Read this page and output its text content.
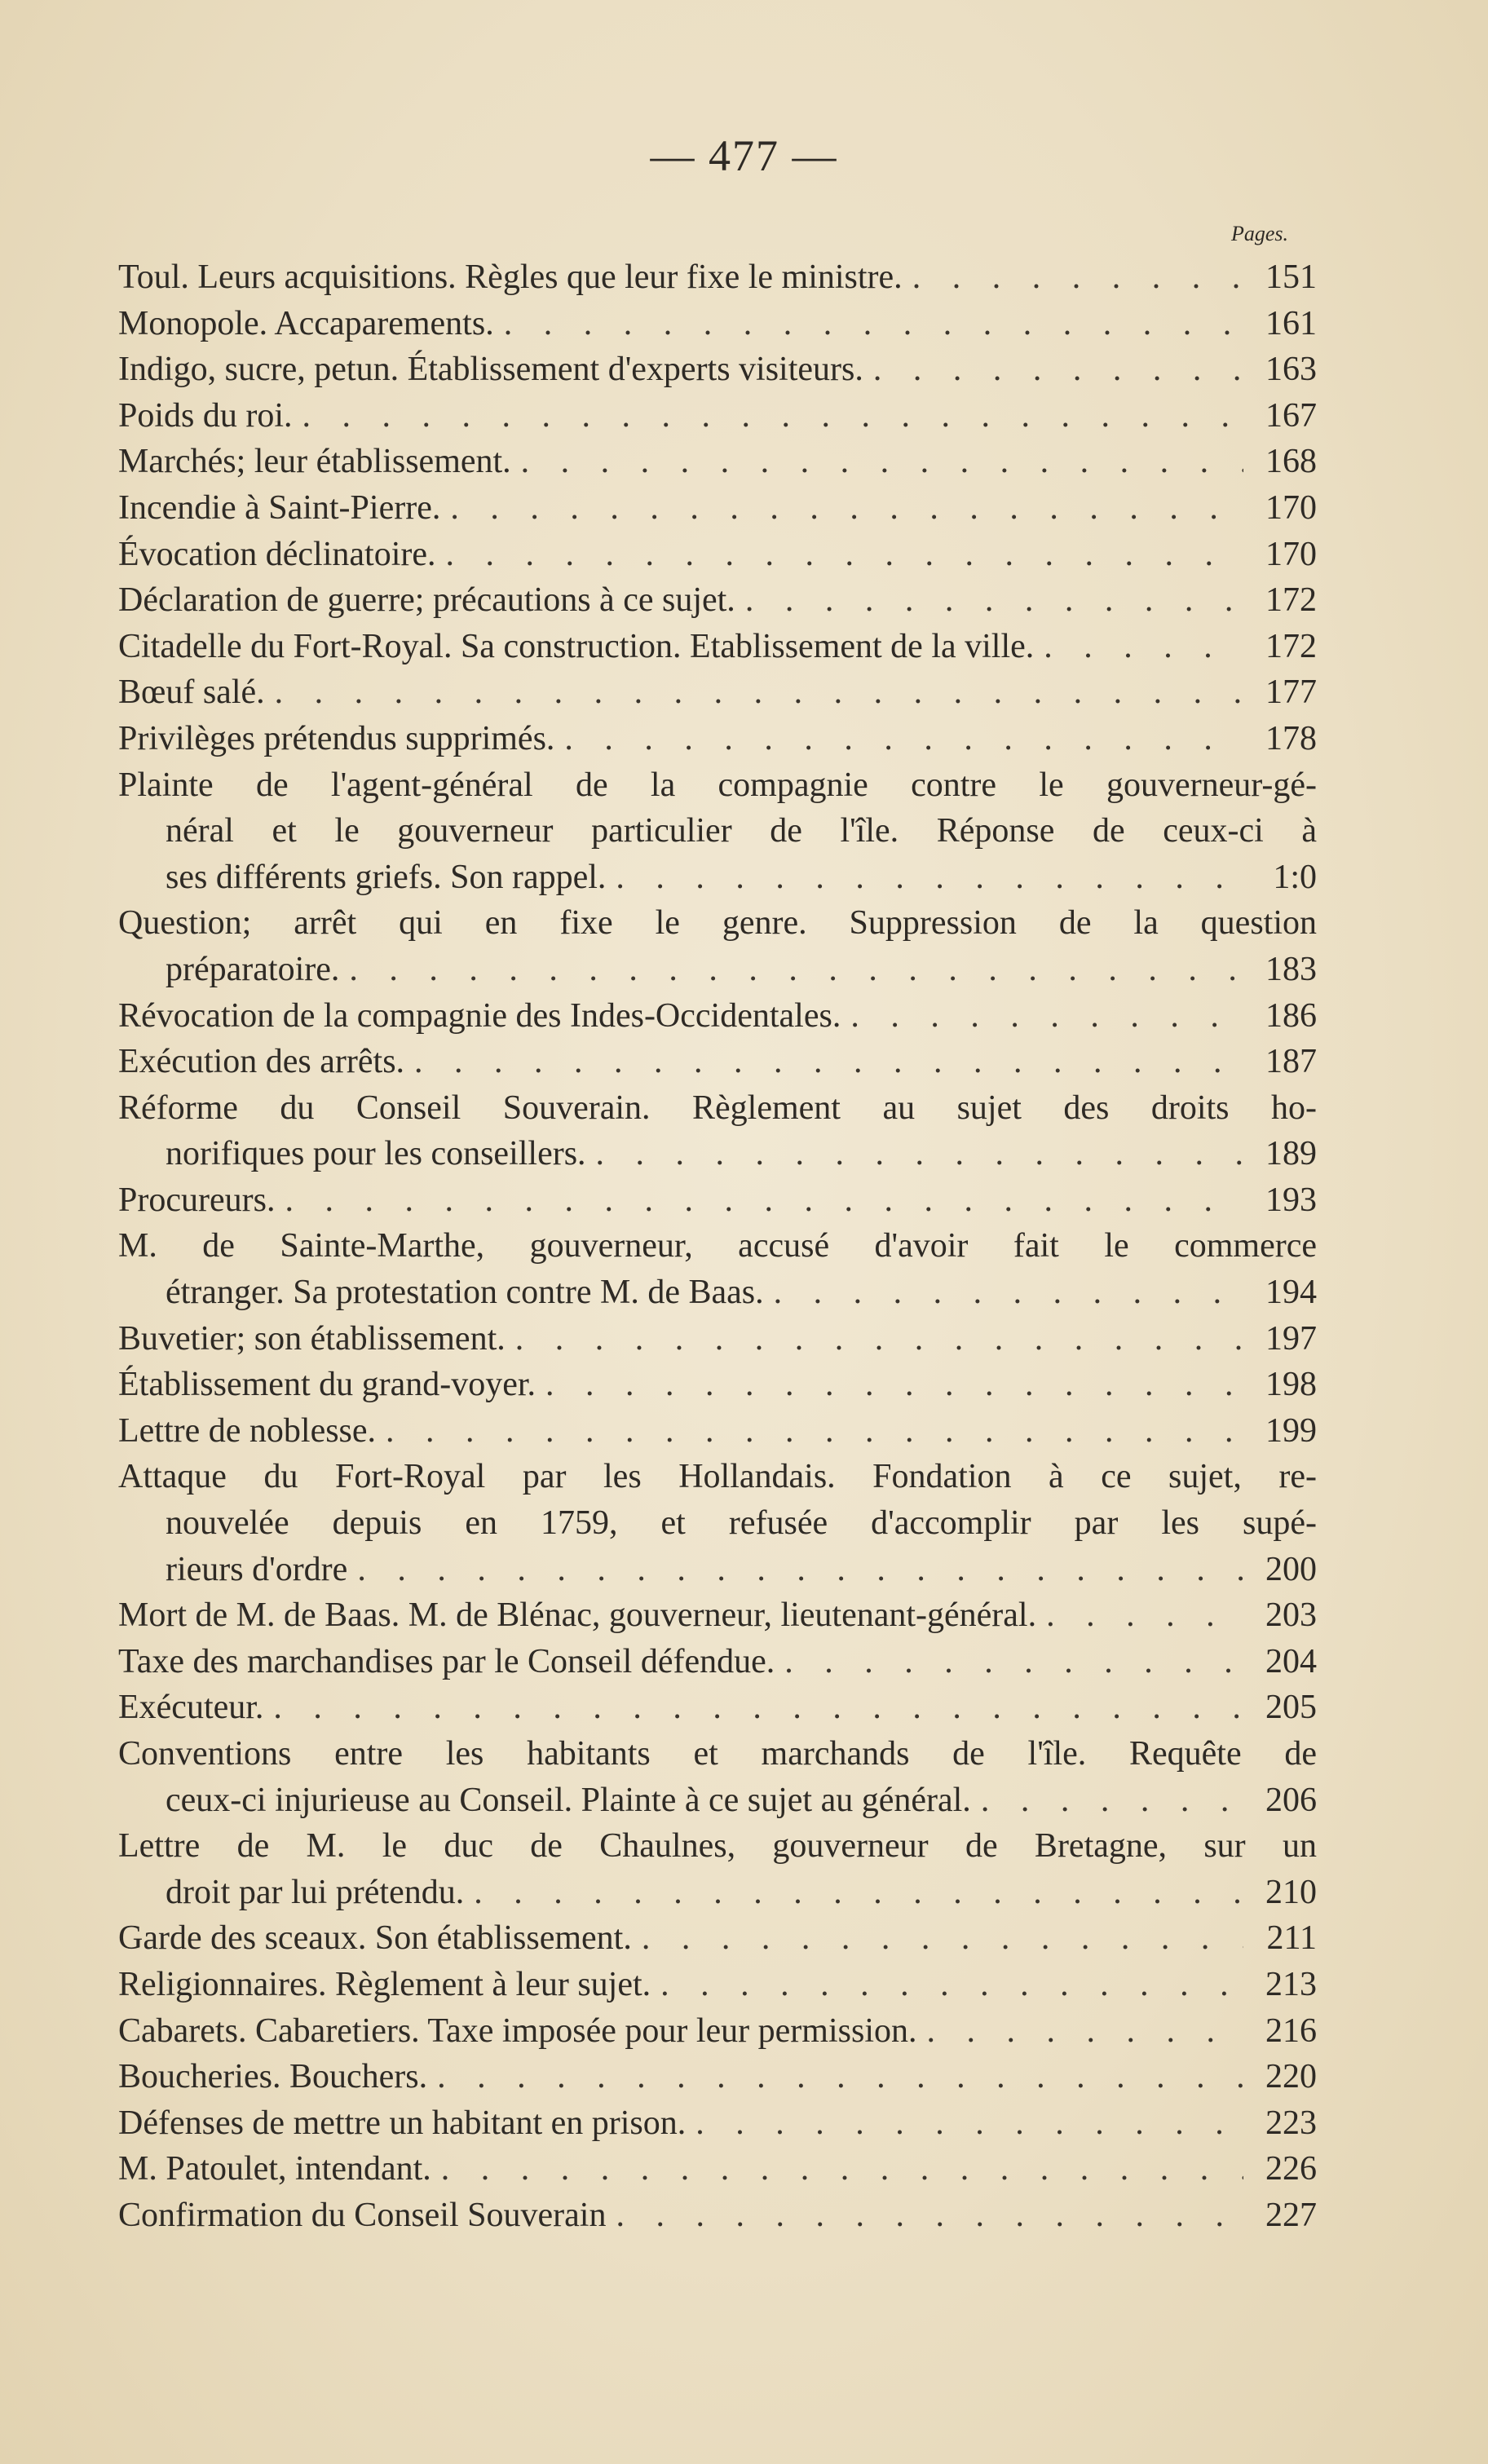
— 477 —
Pages.
Toul. Leurs acquisitions. Règles que leur fixe le ministre. . . .	151
Monopole. Accaparements. . . .	161
Indigo, sucre, petun. Établissement d'experts visiteurs. . . .	163
Poids du roi. . . .	167
Marchés; leur établissement. . . .	168
Incendie à Saint-Pierre. . . .	170
Évocation déclinatoire. . . .	170
Déclaration de guerre; précautions à ce sujet. . . .	172
Citadelle du Fort-Royal. Sa construction. Etablissement de la ville. . . .	172
Bœuf salé. . . .	177
Privilèges prétendus supprimés. . . .	178
Plainte de l'agent-général de la compagnie contre le gouverneur-gé-
néral et le gouverneur particulier de l'île. Réponse de ceux-ci à
ses différents griefs. Son rappel. . . .	1:0
Question; arrêt qui en fixe le genre. Suppression de la question
préparatoire. . . .	183
Révocation de la compagnie des Indes-Occidentales. . . .	186
Exécution des arrêts. . . .	187
Réforme du Conseil Souverain. Règlement au sujet des droits ho-
norifiques pour les conseillers. . . .	189
Procureurs. . . .	193
M. de Sainte-Marthe, gouverneur, accusé d'avoir fait le commerce
étranger. Sa protestation contre M. de Baas. . . .	194
Buvetier; son établissement. . . .	197
Établissement du grand-voyer. . . .	198
Lettre de noblesse. . . .	199
Attaque du Fort-Royal par les Hollandais. Fondation à ce sujet, re-
nouvelée depuis en 1759, et refusée d'accomplir par les supé-
rieurs d'ordre . . .	200
Mort de M. de Baas. M. de Blénac, gouverneur, lieutenant-général. . . .	203
Taxe des marchandises par le Conseil défendue. . . .	204
Exécuteur. . . .	205
Conventions entre les habitants et marchands de l'île. Requête de
ceux-ci injurieuse au Conseil. Plainte à ce sujet au général. . . .	206
Lettre de M. le duc de Chaulnes, gouverneur de Bretagne, sur un
droit par lui prétendu. . . .	210
Garde des sceaux. Son établissement. . . .	211
Religionnaires. Règlement à leur sujet. . . .	213
Cabarets. Cabaretiers. Taxe imposée pour leur permission. . . .	216
Boucheries. Bouchers. . . .	220
Défenses de mettre un habitant en prison. . . .	223
M. Patoulet, intendant. . . .	226
Confirmation du Conseil Souverain . . .	227
